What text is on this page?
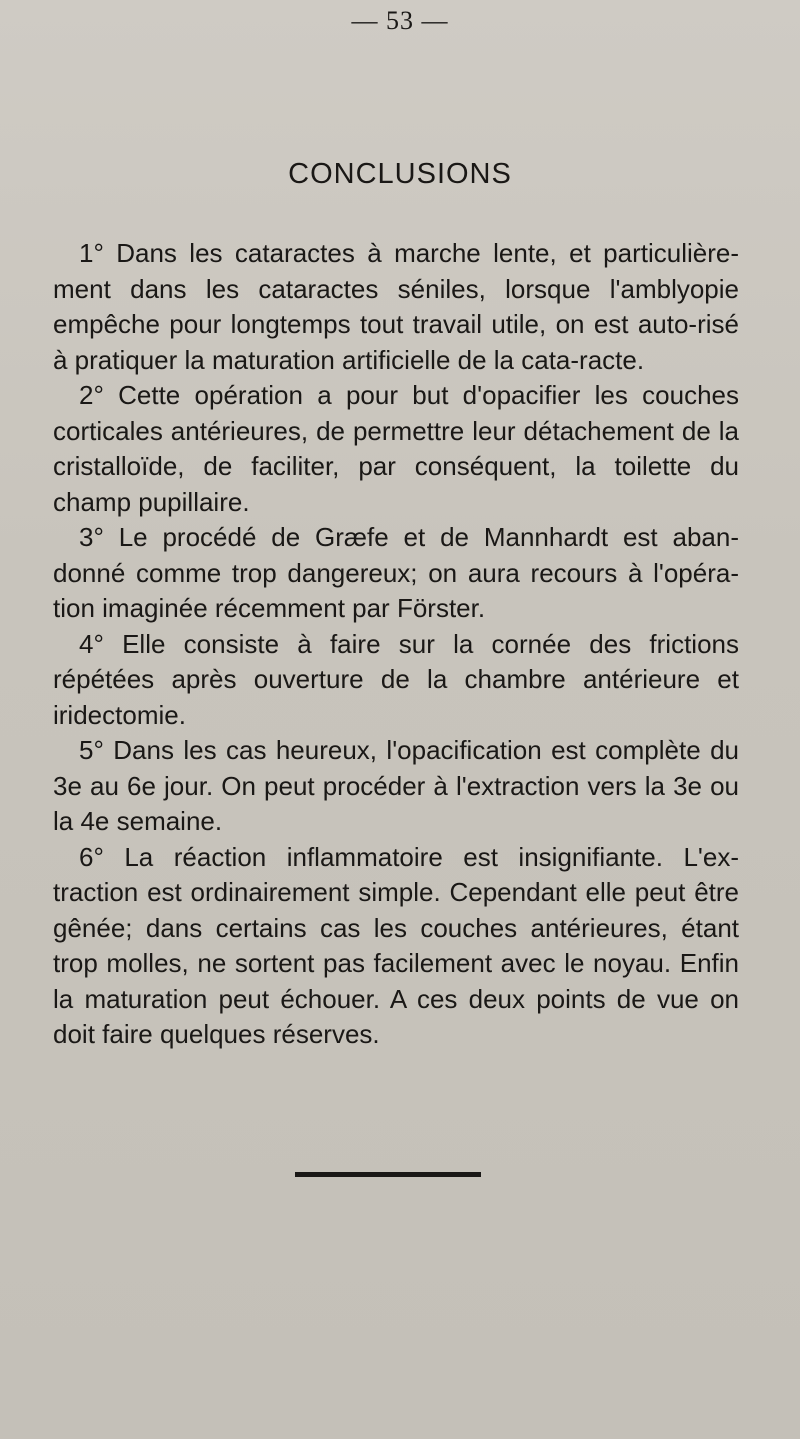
— 53 —
CONCLUSIONS

1° Dans les cataractes à marche lente, et particulière-ment dans les cataractes séniles, lorsque l'amblyopie empêche pour longtemps tout travail utile, on est auto-risé à pratiquer la maturation artificielle de la cata-racte.

2° Cette opération a pour but d'opacifier les couches corticales antérieures, de permettre leur détachement de la cristalloïde, de faciliter, par conséquent, la toilette du champ pupillaire.

3° Le procédé de Græfe et de Mannhardt est aban-donné comme trop dangereux; on aura recours à l'opéra-tion imaginée récemment par Förster.

4° Elle consiste à faire sur la cornée des frictions répétées après ouverture de la chambre antérieure et iridectomie.

5° Dans les cas heureux, l'opacification est complète du 3e au 6e jour. On peut procéder à l'extraction vers la 3e ou la 4e semaine.

6° La réaction inflammatoire est insignifiante. L'ex-traction est ordinairement simple. Cependant elle peut être gênée; dans certains cas les couches antérieures, étant trop molles, ne sortent pas facilement avec le noyau. Enfin la maturation peut échouer. A ces deux points de vue on doit faire quelques réserves.
